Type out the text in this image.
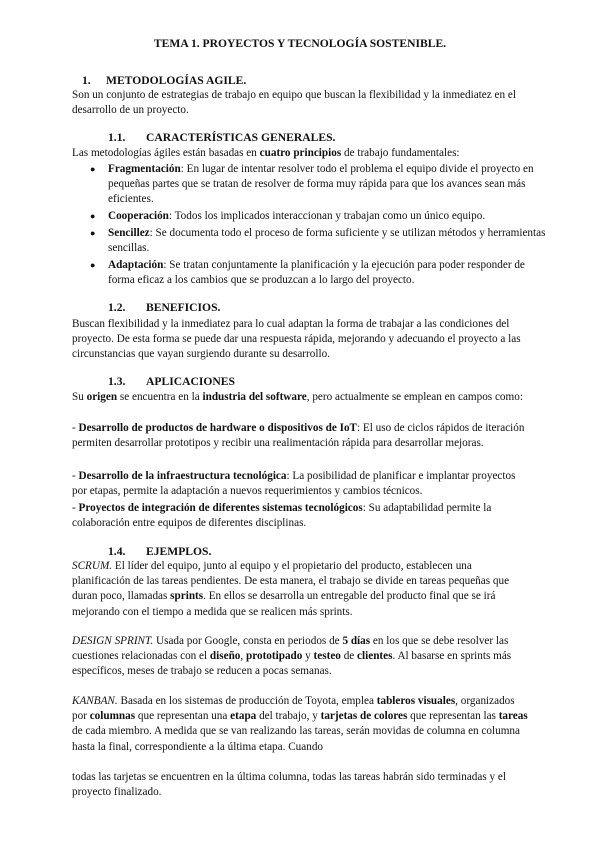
TEMA 1. PROYECTOS Y TECNOLOGÍA SOSTENIBLE.
1. METODOLOGÍAS AGILE.
Son un conjunto de estrategias de trabajo en equipo que buscan la flexibilidad y la inmediatez en el desarrollo de un proyecto.
1.1. CARACTERÍSTICAS GENERALES.
Las metodologías ágiles están basadas en cuatro principios de trabajo fundamentales:
● Fragmentación: En lugar de intentar resolver todo el problema el equipo divide el proyecto en pequeñas partes que se tratan de resolver de forma muy rápida para que los avances sean más eficientes.
● Cooperación: Todos los implicados interaccionan y trabajan como un único equipo.
● Sencillez: Se documenta todo el proceso de forma suficiente y se utilizan métodos y herramientas sencillas.
● Adaptación: Se tratan conjuntamente la planificación y la ejecución para poder responder de forma eficaz a los cambios que se produzcan a lo largo del proyecto.
1.2. BENEFICIOS.
Buscan flexibilidad y la inmediatez para lo cual adaptan la forma de trabajar a las condiciones del proyecto. De esta forma se puede dar una respuesta rápida, mejorando y adecuando el proyecto a las circunstancias que vayan surgiendo durante su desarrollo.
1.3. APLICACIONES
Su origen se encuentra en la industria del software, pero actualmente se emplean en campos como:
- Desarrollo de productos de hardware o dispositivos de IoT: El uso de ciclos rápidos de iteración permiten desarrollar prototipos y recibir una realimentación rápida para desarrollar mejoras.
- Desarrollo de la infraestructura tecnológica: La posibilidad de planificar e implantar proyectos por etapas, permite la adaptación a nuevos requerimientos y cambios técnicos.
- Proyectos de integración de diferentes sistemas tecnológicos: Su adaptabilidad permite la colaboración entre equipos de diferentes disciplinas.
1.4. EJEMPLOS.
SCRUM. El líder del equipo, junto al equipo y el propietario del producto, establecen una planificación de las tareas pendientes. De esta manera, el trabajo se divide en tareas pequeñas que duran poco, llamadas sprints. En ellos se desarrolla un entregable del producto final que se irá mejorando con el tiempo a medida que se realicen más sprints.
DESIGN SPRINT. Usada por Google, consta en periodos de 5 días en los que se debe resolver las cuestiones relacionadas con el diseño, prototipado y testeo de clientes. Al basarse en sprints más específicos, meses de trabajo se reducen a pocas semanas.
KANBAN. Basada en los sistemas de producción de Toyota, emplea tableros visuales, organizados por columnas que representan una etapa del trabajo, y tarjetas de colores que representan las tareas de cada miembro. A medida que se van realizando las tareas, serán movidas de columna en columna hasta la final, correspondiente a la última etapa. Cuando
todas las tarjetas se encuentren en la última columna, todas las tareas habrán sido terminadas y el proyecto finalizado.
